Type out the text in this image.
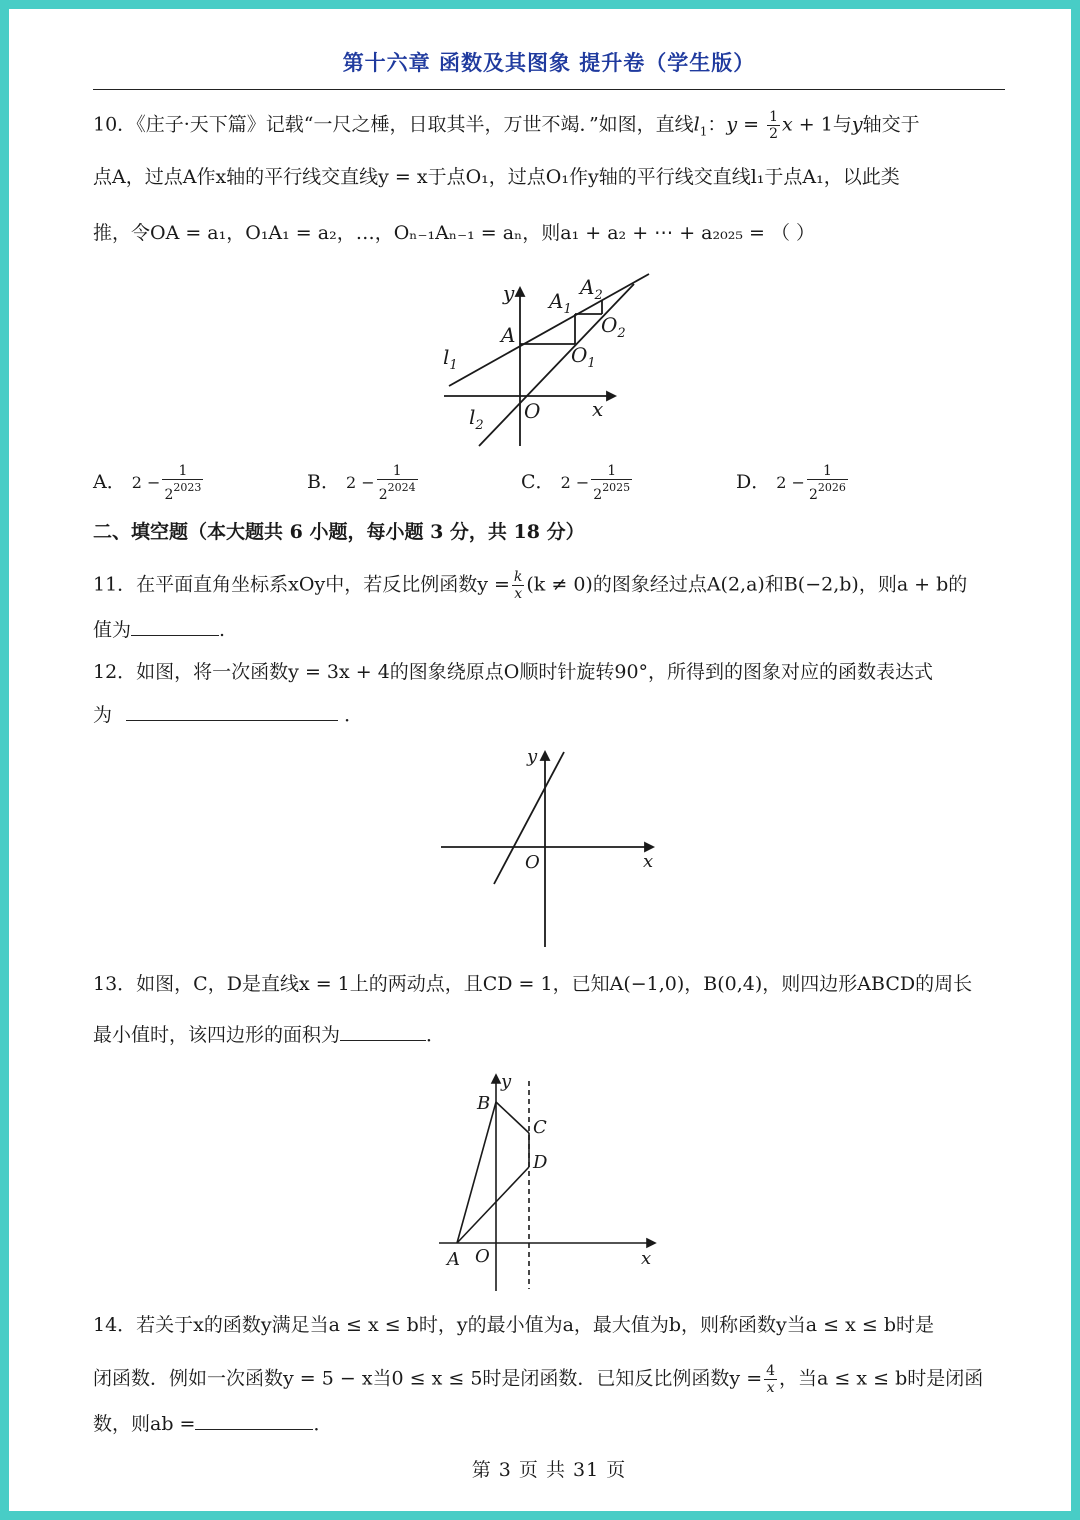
第十六章 函数及其图象 提升卷（学生版）
10．《庄子·天下篇》记载“一尺之棰，日取其半，万世不竭．”如图，直线$l_1$：$y = \frac{1}{2}$ x + 1与y轴交于
点A，过点A作x轴的平行线交直线y = x于点O₁，过点O₁作y轴的平行线交直线l₁于点A₁，以此类
推，令OA = a₁，O₁A₁ = a₂，…，Oₙ₋₁Aₙ₋₁ = aₙ，则a₁ + a₂ + ⋯ + a₂₀₂₅ = （ ）
y
x
O
A
$A_1$
$A_2$
$O_1$
$O_2$
$l_1$
$l_2$
A． $2 - \frac{1}{2^{2023}}$	B． $2 - \frac{1}{2^{2024}}$	C． $2 - \frac{1}{2^{2025}}$	D． $2 - \frac{1}{2^{2026}}$
二、填空题（本大题共 6 小题，每小题 3 分，共 18 分）
11．在平面直角坐标系xOy中，若反比例函数$y = \frac{k}{x} (k \ne 0)$的图象经过点A(2,a)和B(−2,b)，则a + b的
值为	.
12．如图，将一次函数y = 3x + 4的图象绕原点O顺时针旋转90°，所得到的图象对应的函数表达式
为	．
y
O	x
13．如图，C，D是直线x = 1上的两动点，且CD = 1，已知A(−1,0)，B(0,4)，则四边形ABCD的周长
最小值时，该四边形的面积为	．
y
B
C
D
A O	x
14．若关于x的函数y满足当a ≤ x ≤ b时，y的最小值为a，最大值为b，则称函数y当a ≤ x ≤ b时是
闭函数．例如一次函数y = 5 − x当0 ≤ x ≤ 5时是闭函数．已知反比例函数$y = \frac{4}{x}$ ，当a ≤ x ≤ b时是闭函
数，则ab =	．
第 3 页 共 31 页
